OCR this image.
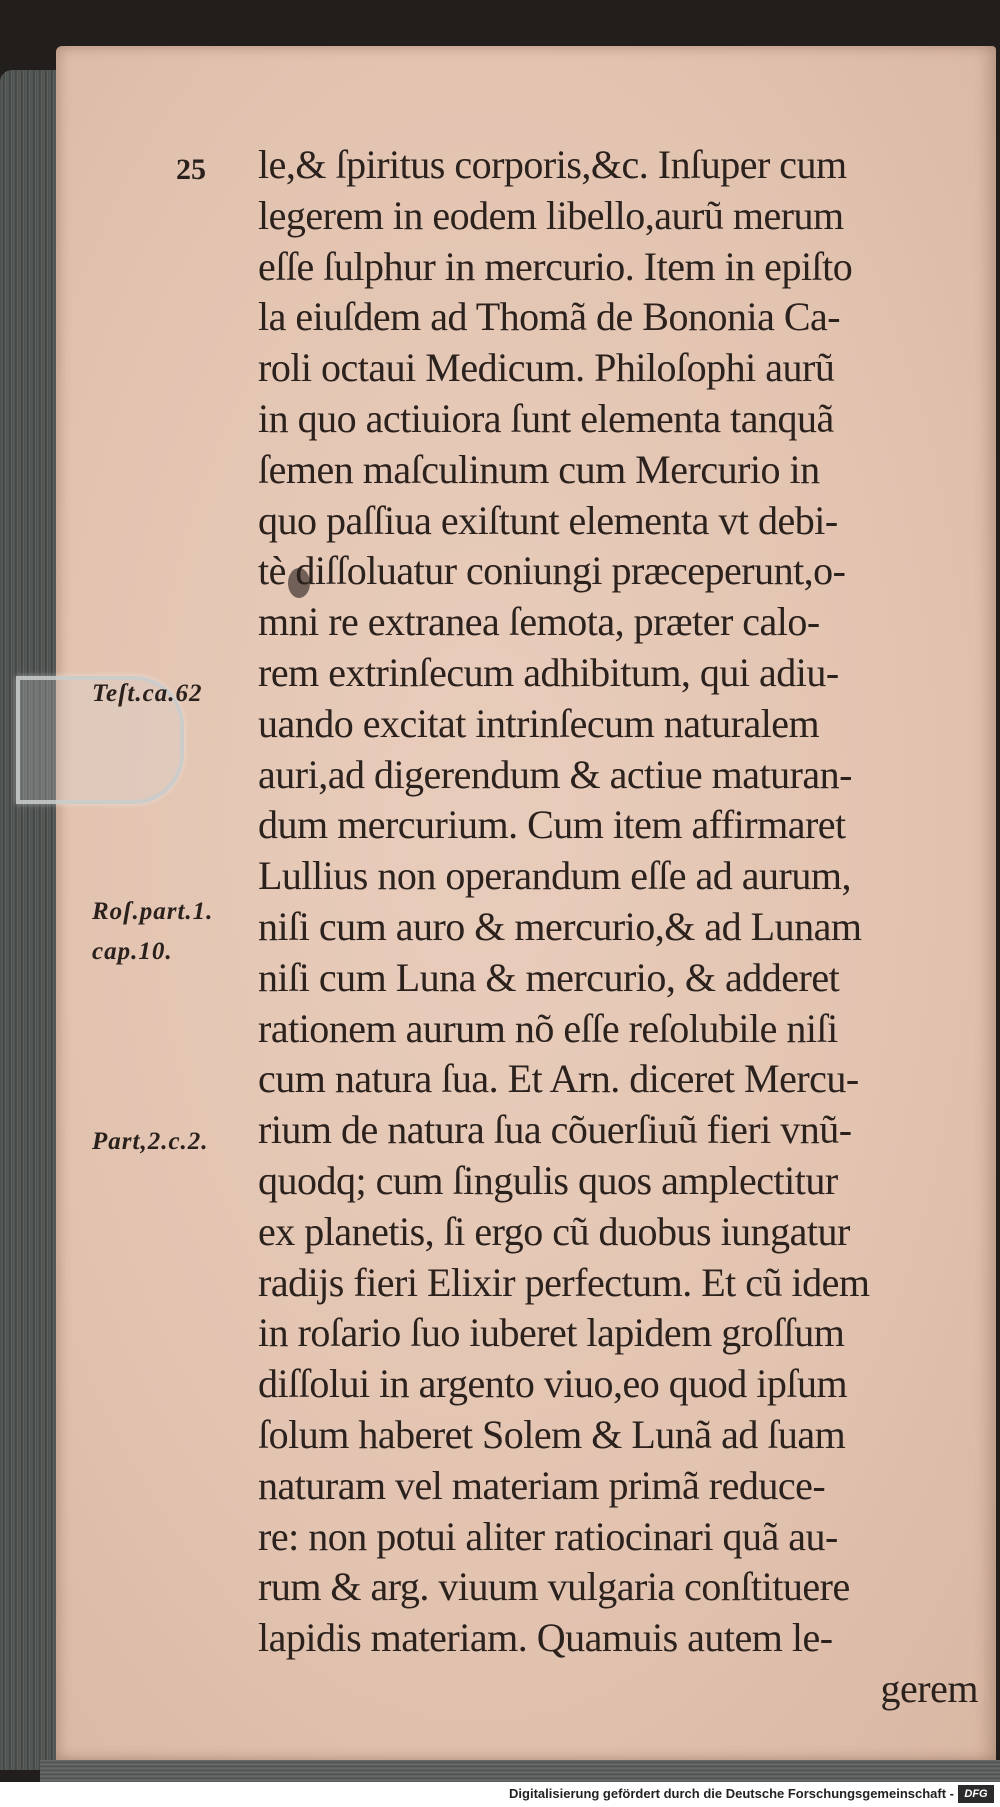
25

Teſt.ca.62

Roſ.part.1.

cap.10.

Part,2.c.2.

le,& ſpiritus corporis,&c. Inſuper cum
legerem in eodem libello,aurũ merum
eſſe ſulphur in mercurio. Item in epiſto
la eiuſdem ad Thomã de Bononia Ca-
roli octaui Medicum. Philoſophi aurũ
in quo actiuiora ſunt elementa tanquã
ſemen maſculinum cum Mercurio in
quo paſſiua exiſtunt elementa vt debi-
tè diſſoluatur coniungi præceperunt,o-
mni re extranea ſemota, præter calo-
rem extrinſecum adhibitum, qui adiu-
uando excitat intrinſecum naturalem
auri,ad digerendum & actiue maturan-
dum mercurium. Cum item affirmaret
Lullius non operandum eſſe ad aurum,
niſi cum auro & mercurio,& ad Lunam
niſi cum Luna & mercurio, & adderet
rationem aurum nõ eſſe reſolubile niſi
cum natura ſua. Et Arn. diceret Mercu-
rium de natura ſua cõuerſiuũ fieri vnũ-
quodq; cum ſingulis quos amplectitur
ex planetis, ſi ergo cũ duobus iungatur
radijs fieri Elixir perfectum. Et cũ idem
in roſario ſuo iuberet lapidem groſſum
diſſolui in argento viuo,eo quod ipſum
ſolum haberet Solem & Lunã ad ſuam
naturam vel materiam primã reduce-
re: non potui aliter ratiocinari quã au-
rum & arg. viuum vulgaria conſtituere
lapidis materiam. Quamuis autem le-
gerem

Digitalisierung gefördert durch die Deutsche Forschungsgemeinschaft - DFG
